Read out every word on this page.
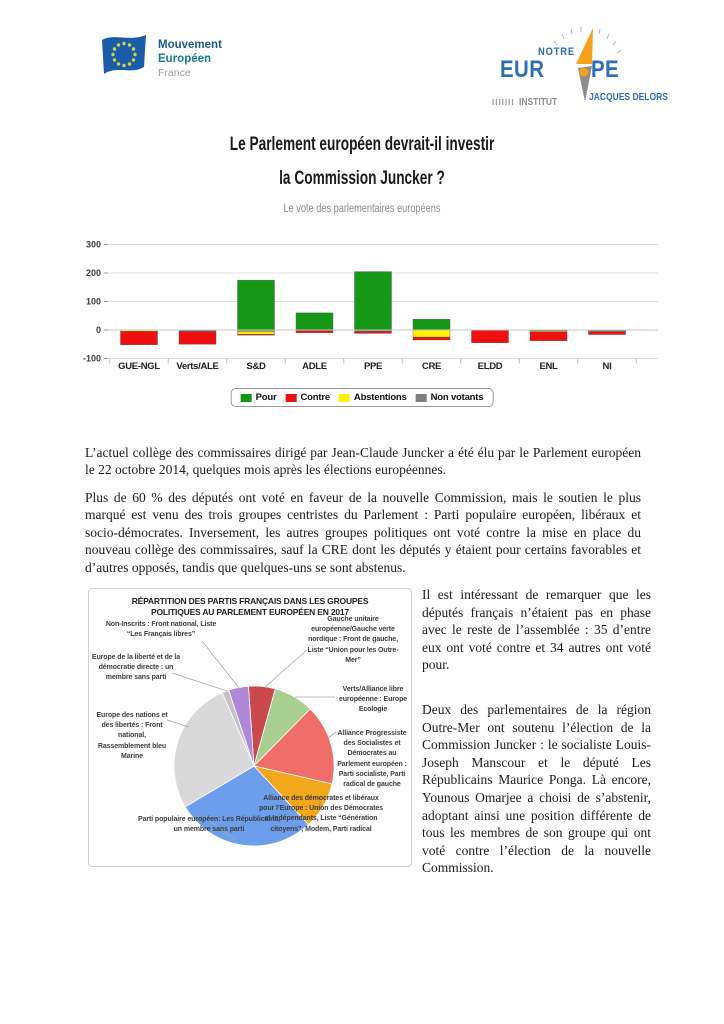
Mouvement
Européen
France
NOTRE
EUR PE
IIIIIII INSTITUT	JACQUES DELORS
Le Parlement européen devrait-il investir
la Commission Juncker ?
Le vote des parlementaires européens
300
200
100
0
-100
GUE-NGL Verts/ALE	S&D	ADLE	PPE	CRE	ELDD	ENL	NI
Pour	Contre	Abstentions	Non votants
L’actuel collège des commissaires dirigé par Jean-Claude Juncker a été élu par le Parlement européen le 22 octobre 2014, quelques mois après les élections européennes.
Plus de 60 % des députés ont voté en faveur de la nouvelle Commission, mais le soutien le plus marqué est venu des trois groupes centristes du Parlement : Parti populaire européen, libéraux et socio-démocrates. Inversement, les autres groupes politiques ont voté contre la mise en place du nouveau collège des commissaires, sauf la CRE dont les députés y étaient pour certains favorables et d’autres opposés, tandis que quelques-uns se sont abstenus.
RÉPARTITION DES PARTIS FRANÇAIS DANS LES GROUPES POLITIQUES AU PARLEMENT EUROPÉEN EN 2017
Non-Inscrits : Front national, Liste “Les Français libres”
Europe de la liberté et de la démocratie directe : un membre sans parti
Europe des nations et des libertés : Front national, Rassemblement bleu Marine
Parti populaire européen: Les Républicains, un membre sans parti
Gauche unitaire européenne/Gauche verte nordique : Front de gauche, Liste “Union pour les Outre-Mer”
Verts/Alliance libre européenne : Europe Ecologie
Alliance Progressiste des Socialistes et Démocrates au Parlement européen : Parti socialiste, Parti radical de gauche
Alliance des démocrates et libéraux pour l’Europe : Union des Démocrates et Indépendants, Liste “Génération citoyens”, Modem, Parti radical
Il est intéressant de remarquer que les députés français n’étaient pas en phase avec le reste de l’assemblée : 35 d’entre eux ont voté contre et 34 autres ont voté pour.
Deux des parlementaires de la région Outre-Mer ont soutenu l’élection de la Commission Juncker : le socialiste Louis-Joseph Manscour et le député Les Républicains Maurice Ponga. Là encore, Younous Omarjee a choisi de s’abstenir, adoptant ainsi une position différente de tous les membres de son groupe qui ont voté contre l’élection de la nouvelle Commission.
